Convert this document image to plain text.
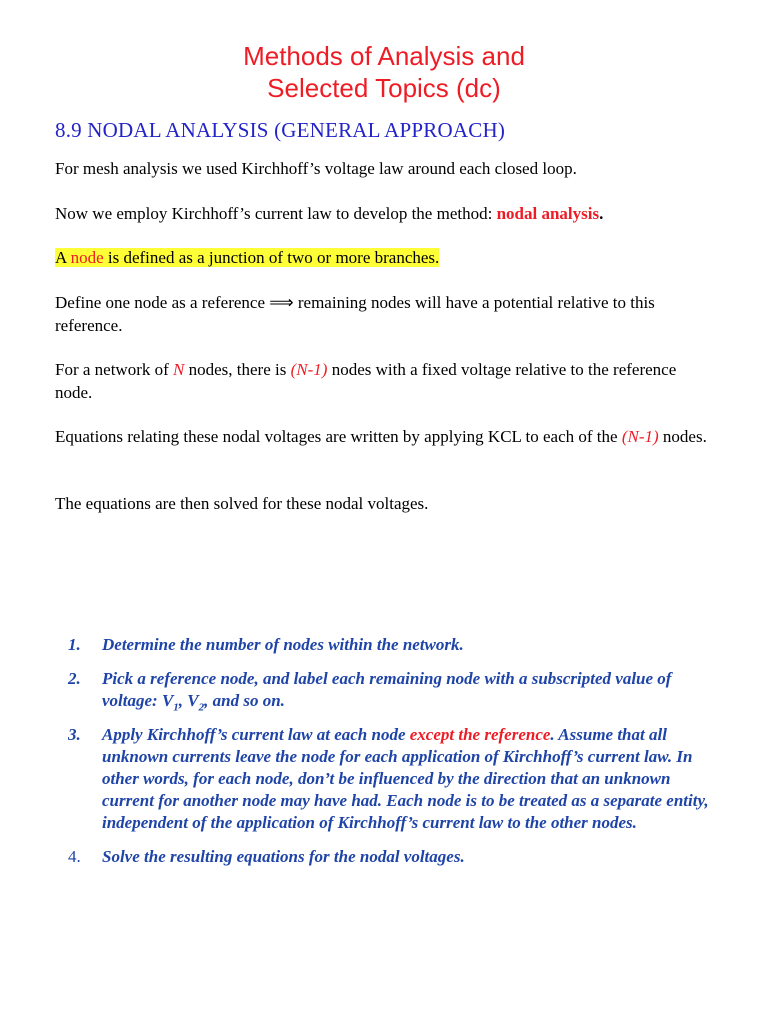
Methods of Analysis and
Selected Topics (dc)
8.9 NODAL ANALYSIS (GENERAL APPROACH)
For mesh analysis we used Kirchhoff’s voltage law around each closed loop.
Now we employ Kirchhoff’s current law to develop the method: nodal analysis.
A node is defined as a junction of two or more branches.
Define one node as a reference ⟹ remaining nodes will have a potential relative to this reference.
For a network of N nodes, there is (N-1) nodes with a fixed voltage relative to the reference node.
Equations relating these nodal voltages are written by applying KCL to each of the (N-1) nodes.
The equations are then solved for these nodal voltages.
1. Determine the number of nodes within the network.
2. Pick a reference node, and label each remaining node with a subscripted value of voltage: $V_1$, $V_2$, and so on.
3. Apply Kirchhoff’s current law at each node except the reference. Assume that all unknown currents leave the node for each application of Kirchhoff’s current law. In other words, for each node, don’t be influenced by the direction that an unknown current for another node may have had. Each node is to be treated as a separate entity, independent of the application of Kirchhoff’s current law to the other nodes.
4. Solve the resulting equations for the nodal voltages.
